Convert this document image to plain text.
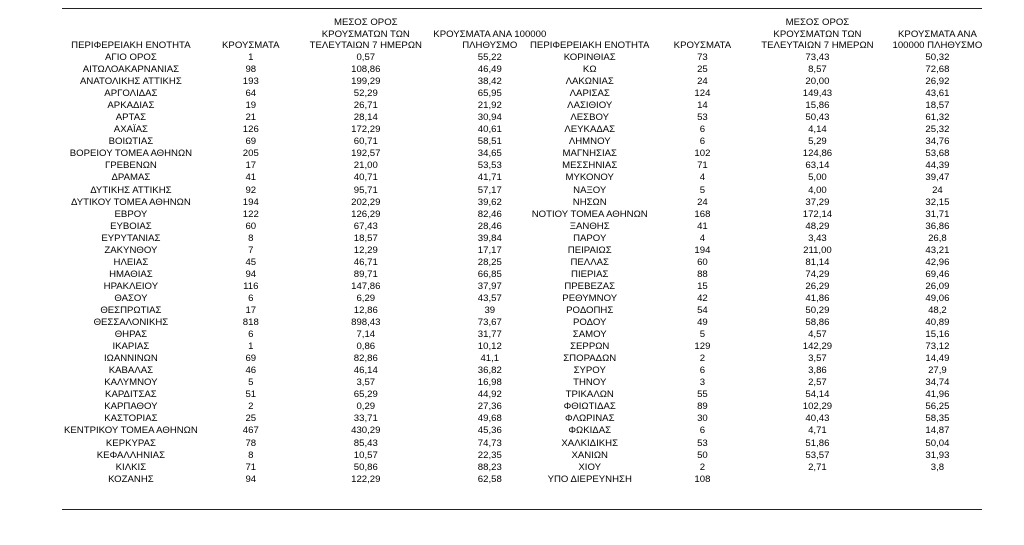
ΠΕΡΙΦΕΡΕΙΑΚΗ ΕΝΟΤΗΤΑ	ΚΡΟΥΣΜΑΤΑ	ΜΕΣΟΣ ΟΡΟΣ ΚΡΟΥΣΜΑΤΩΝ ΤΩΝ ΤΕΛΕΥΤΑΙΩΝ 7 ΗΜΕΡΩΝ	ΚΡΟΥΣΜΑΤΑ ΑΝΑ 100000 ΠΛΗΘΥΣΜΟ

ΑΓΙΟ ΟΡΟΣ	1	0,57	55,22
ΑΙΤΩΛΟΑΚΑΡΝΑΝΙΑΣ	98	108,86	46,49
ΑΝΑΤΟΛΙΚΗΣ ΑΤΤΙΚΗΣ	193	199,29	38,42
ΑΡΓΟΛΙΔΑΣ	64	52,29	65,95
ΑΡΚΑΔΙΑΣ	19	26,71	21,92
ΑΡΤΑΣ	21	28,14	30,94
ΑΧΑΪΑΣ	126	172,29	40,61
ΒΟΙΩΤΙΑΣ	69	60,71	58,51
ΒΟΡΕΙΟΥ ΤΟΜΕΑ ΑΘΗΝΩΝ	205	192,57	34,65
ΓΡΕΒΕΝΩΝ	17	21,00	53,53
ΔΡΑΜΑΣ	41	40,71	41,71
ΔΥΤΙΚΗΣ ΑΤΤΙΚΗΣ	92	95,71	57,17
ΔΥΤΙΚΟΥ ΤΟΜΕΑ ΑΘΗΝΩΝ	194	202,29	39,62
ΕΒΡΟΥ	122	126,29	82,46
ΕΥΒΟΙΑΣ	60	67,43	28,46
ΕΥΡΥΤΑΝΙΑΣ	8	18,57	39,84
ΖΑΚΥΝΘΟΥ	7	12,29	17,17
ΗΛΕΙΑΣ	45	46,71	28,25
ΗΜΑΘΙΑΣ	94	89,71	66,85
ΗΡΑΚΛΕΙΟΥ	116	147,86	37,97
ΘΑΣΟΥ	6	6,29	43,57
ΘΕΣΠΡΩΤΙΑΣ	17	12,86	39
ΘΕΣΣΑΛΟΝΙΚΗΣ	818	898,43	73,67
ΘΗΡΑΣ	6	7,14	31,77
ΙΚΑΡΙΑΣ	1	0,86	10,12
ΙΩΑΝΝΙΝΩΝ	69	82,86	41,1
ΚΑΒΑΛΑΣ	46	46,14	36,82
ΚΑΛΥΜΝΟΥ	5	3,57	16,98
ΚΑΡΔΙΤΣΑΣ	51	65,29	44,92
ΚΑΡΠΑΘΟΥ	2	0,29	27,36
ΚΑΣΤΟΡΙΑΣ	25	33,71	49,68
ΚΕΝΤΡΙΚΟΥ ΤΟΜΕΑ ΑΘΗΝΩΝ	467	430,29	45,36
ΚΕΡΚΥΡΑΣ	78	85,43	74,73
ΚΕΦΑΛΛΗΝΙΑΣ	8	10,57	22,35
ΚΙΛΚΙΣ	71	50,86	88,23
ΚΟΖΑΝΗΣ	94	122,29	62,58
ΠΕΡΙΦΕΡΕΙΑΚΗ ΕΝΟΤΗΤΑ	ΚΡΟΥΣΜΑΤΑ	ΜΕΣΟΣ ΟΡΟΣ ΚΡΟΥΣΜΑΤΩΝ ΤΩΝ ΤΕΛΕΥΤΑΙΩΝ 7 ΗΜΕΡΩΝ	ΚΡΟΥΣΜΑΤΑ ΑΝΑ 100000 ΠΛΗΘΥΣΜΟ

ΚΟΡΙΝΘΙΑΣ	73	73,43	50,32
ΚΩ	25	8,57	72,68
ΛΑΚΩΝΙΑΣ	24	20,00	26,92
ΛΑΡΙΣΑΣ	124	149,43	43,61
ΛΑΣΙΘΙΟΥ	14	15,86	18,57
ΛΕΣΒΟΥ	53	50,43	61,32
ΛΕΥΚΑΔΑΣ	6	4,14	25,32
ΛΗΜΝΟΥ	6	5,29	34,76
ΜΑΓΝΗΣΙΑΣ	102	124,86	53,68
ΜΕΣΣΗΝΙΑΣ	71	63,14	44,39
ΜΥΚΟΝΟΥ	4	5,00	39,47
ΝΑΞΟΥ	5	4,00	24
ΝΗΣΩΝ	24	37,29	32,15
ΝΟΤΙΟΥ ΤΟΜΕΑ ΑΘΗΝΩΝ	168	172,14	31,71
ΞΑΝΘΗΣ	41	48,29	36,86
ΠΑΡΟΥ	4	3,43	26,8
ΠΕΙΡΑΙΩΣ	194	211,00	43,21
ΠΕΛΛΑΣ	60	81,14	42,96
ΠΙΕΡΙΑΣ	88	74,29	69,46
ΠΡΕΒΕΖΑΣ	15	26,29	26,09
ΡΕΘΥΜΝΟΥ	42	41,86	49,06
ΡΟΔΟΠΗΣ	54	50,29	48,2
ΡΟΔΟΥ	49	58,86	40,89
ΣΑΜΟΥ	5	4,57	15,16
ΣΕΡΡΩΝ	129	142,29	73,12
ΣΠΟΡΑΔΩΝ	2	3,57	14,49
ΣΥΡΟΥ	6	3,86	27,9
ΤΗΝΟΥ	3	2,57	34,74
ΤΡΙΚΑΛΩΝ	55	54,14	41,96
ΦΘΙΩΤΙΔΑΣ	89	102,29	56,25
ΦΛΩΡΙΝΑΣ	30	40,43	58,35
ΦΩΚΙΔΑΣ	6	4,71	14,87
ΧΑΛΚΙΔΙΚΗΣ	53	51,86	50,04
ΧΑΝΙΩΝ	50	53,57	31,93
ΧΙΟΥ	2	2,71	3,8
ΥΠΟ ΔΙΕΡΕΥΝΗΣΗ	108		
